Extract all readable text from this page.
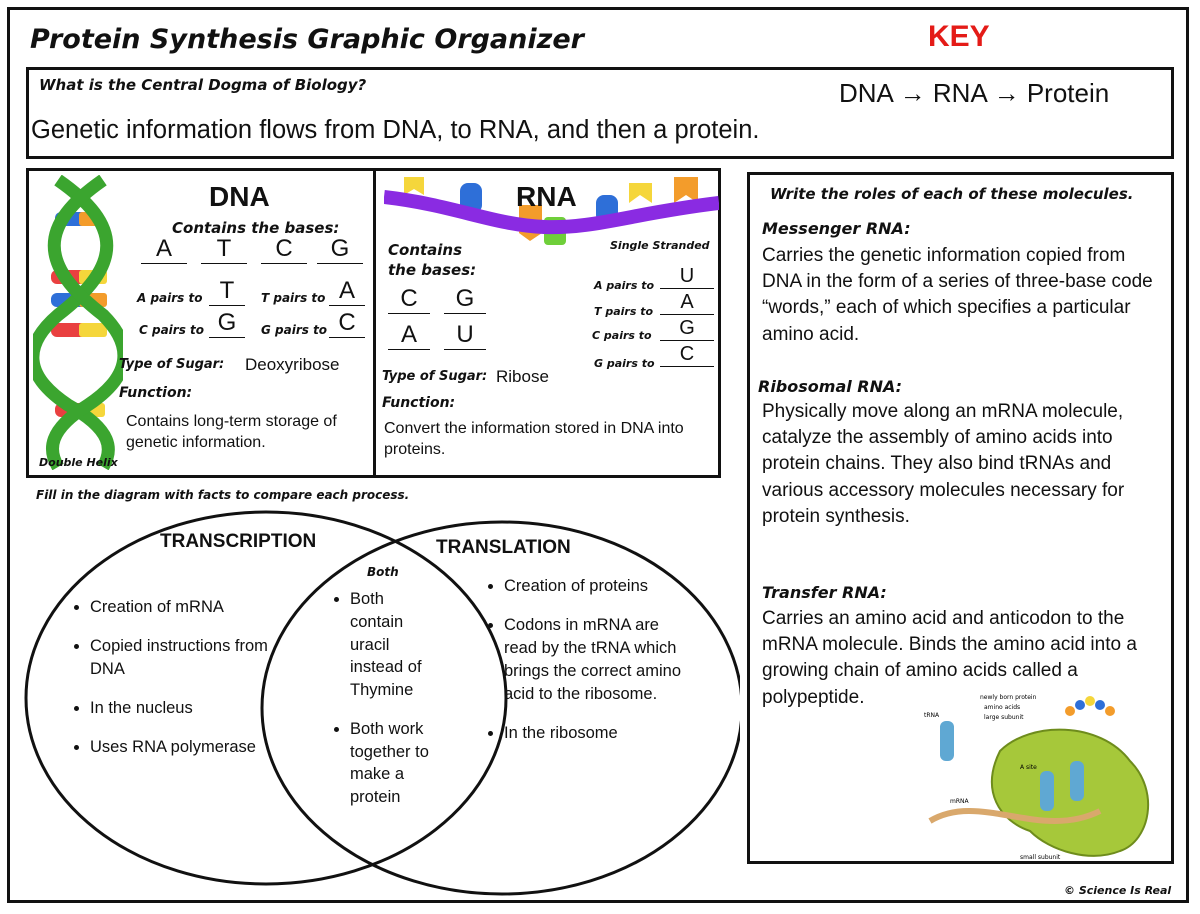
Protein Synthesis Graphic Organizer	KEY
What is the Central Dogma of Biology?	DNA → RNA → Protein
Genetic information flows from DNA, to RNA, and then a protein.
DNA
Contains the bases:
A	T	C	G
A pairs to T	T pairs to A
C pairs to G	G pairs to C
Type of Sugar: Deoxyribose
Function:
Contains long-term storage of genetic information.
Double Helix
RNA
Contains the bases:
Single Stranded
C	G
A	U
A pairs to	U
T pairs to	A
C pairs to	G
G pairs to	C
Type of Sugar: Ribose
Function:
Convert the information stored in DNA into proteins.
Fill in the diagram with facts to compare each process.
TRANSCRIPTION	TRANSLATION
Both
• Creation of mRNA
• Copied instructions from DNA
• In the nucleus
• Uses RNA polymerase
• Both contain uracil instead of Thymine
• Both work together to make a protein
• Creation of proteins
• Codons in mRNA are read by the tRNA which brings the correct amino acid to the ribosome.
• In the ribosome
Write the roles of each of these molecules.
Messenger RNA:
Carries the genetic information copied from DNA in the form of a series of three-base code “words,” each of which specifies a particular amino acid.
Ribosomal RNA:
Physically move along an mRNA molecule, catalyze the assembly of amino acids into protein chains. They also bind tRNAs and various accessory molecules necessary for protein synthesis.
Transfer RNA:
Carries an amino acid and anticodon to the mRNA molecule. Binds the amino acid into a growing chain of amino acids called a polypeptide.	newly born protein
amino acids
large subunit
tRNA
A site
mRNA
small subunit
© Science Is Real
